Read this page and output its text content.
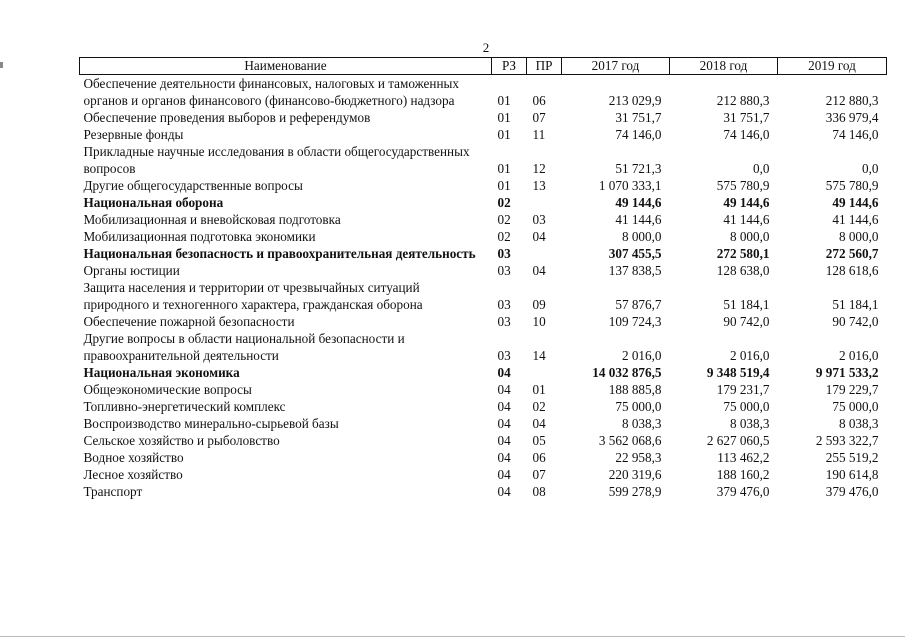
2
Наименование	РЗ	ПР	2017 год	2018 год	2019 год
Обеспечение деятельности финансовых, налоговых и таможенных органов и органов финансового (финансово-бюджетного) надзора	01	06	213 029,9	212 880,3	212 880,3
Обеспечение проведения выборов и референдумов	01	07	31 751,7	31 751,7	336 979,4
Резервные фонды	01	11	74 146,0	74 146,0	74 146,0
Прикладные научные исследования в области общегосударственных вопросов	01	12	51 721,3	0,0	0,0
Другие общегосударственные вопросы	01	13	1 070 333,1	575 780,9	575 780,9
Национальная оборона	02		49 144,6	49 144,6	49 144,6
Мобилизационная и вневойсковая подготовка	02	03	41 144,6	41 144,6	41 144,6
Мобилизационная подготовка экономики	02	04	8 000,0	8 000,0	8 000,0
Национальная безопасность и правоохранительная деятельность	03		307 455,5	272 580,1	272 560,7
Органы юстиции	03	04	137 838,5	128 638,0	128 618,6
Защита населения и территории от чрезвычайных ситуаций природного и техногенного характера, гражданская оборона	03	09	57 876,7	51 184,1	51 184,1
Обеспечение пожарной безопасности	03	10	109 724,3	90 742,0	90 742,0
Другие вопросы в области национальной безопасности и правоохранительной деятельности	03	14	2 016,0	2 016,0	2 016,0
Национальная экономика	04		14 032 876,5	9 348 519,4	9 971 533,2
Общеэкономические вопросы	04	01	188 885,8	179 231,7	179 229,7
Топливно-энергетический комплекс	04	02	75 000,0	75 000,0	75 000,0
Воспроизводство минерально-сырьевой базы	04	04	8 038,3	8 038,3	8 038,3
Сельское хозяйство и рыболовство	04	05	3 562 068,6	2 627 060,5	2 593 322,7
Водное хозяйство	04	06	22 958,3	113 462,2	255 519,2
Лесное хозяйство	04	07	220 319,6	188 160,2	190 614,8
Транспорт	04	08	599 278,9	379 476,0	379 476,0
